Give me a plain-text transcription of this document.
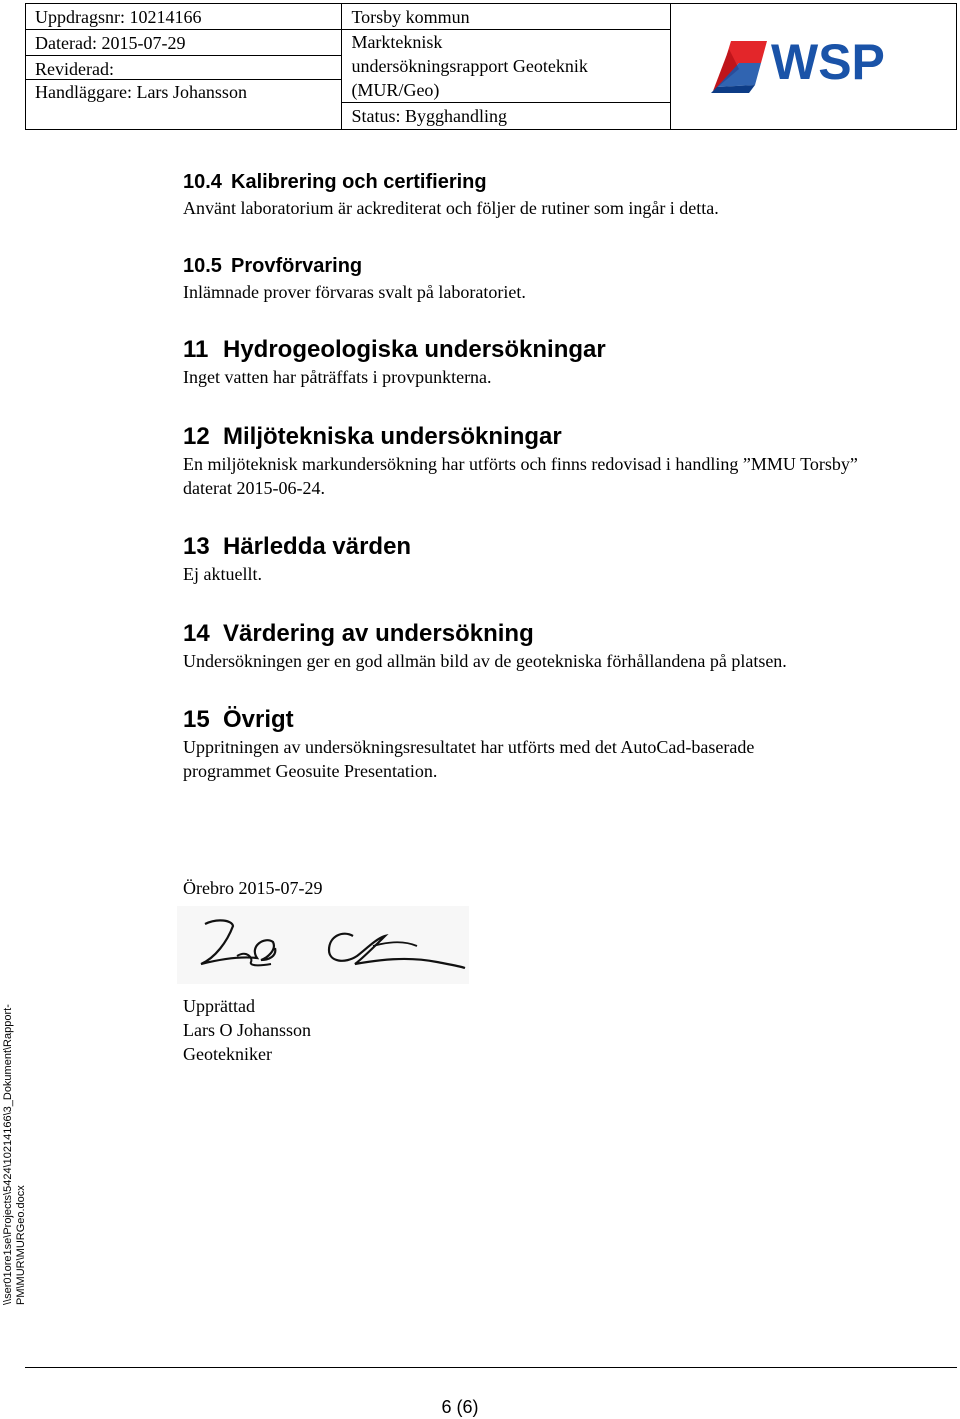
Uppdragsnr: 10214166
Daterad: 2015-07-29
Reviderad:
Handläggare: Lars Johansson

Torsby kommun
Markteknisk
undersökningsrapport Geoteknik
(MUR/Geo)
Status: Bygghandling

WSP
10.4 Kalibrering och certifiering

Använt laboratorium är ackrediterat och följer de rutiner som ingår i detta.

10.5 Provförvaring

Inlämnade prover förvaras svalt på laboratoriet.

11 Hydrogeologiska undersökningar

Inget vatten har påträffats i provpunkterna.

12 Miljötekniska undersökningar

En miljöteknisk markundersökning har utförts och finns redovisad i handling ”MMU Torsby” daterat 2015-06-24.

13 Härledda värden

Ej aktuellt.

14 Värdering av undersökning

Undersökningen ger en god allmän bild av de geotekniska förhållandena på platsen.

15 Övrigt

Uppritningen av undersökningsresultatet har utförts med det AutoCad-baserade programmet Geosuite Presentation.

Örebro 2015-07-29

Upprättad

Lars O Johansson

Geotekniker

\\ser01ore1se\Projects\5424\10214166\3_Dokument\Rapport-PM\MUR\MURGeo.docx
6 (6)
